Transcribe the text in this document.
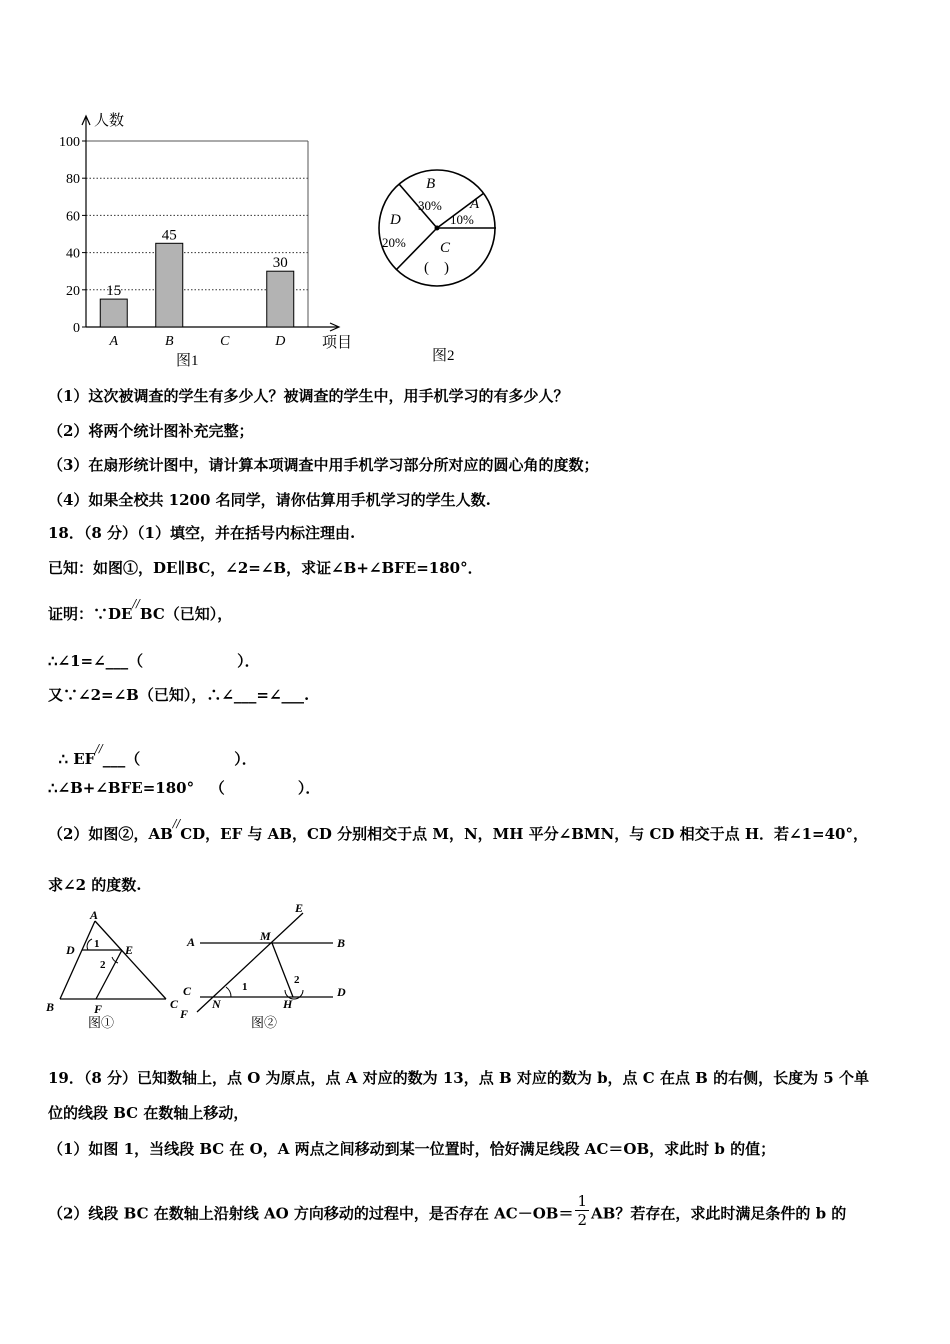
0
20
40
60
80
100
15
45
30
A	B	C	D
人数
项目
图1
B
30% A
10%
D
20% C
(    )
图2
（1）这次被调查的学生有多少人？被调查的学生中，用手机学习的有多少人？
（2）将两个统计图补充完整；
（3）在扇形统计图中，请计算本项调查中用手机学习部分所对应的圆心角的度数；
（4）如果全校共 1200 名同学，请你估算用手机学习的学生人数.
18．（8 分）（1）填空，并在括号内标注理由.
已知：如图①，DE∥BC，∠2=∠B，求证∠B+∠BFE=180°．
证明：∵DE//BC（已知），
∴∠1=∠___（                  ）．
又∵∠2=∠B（已知），∴∠___=∠___.

∴ EF//___（                  ）．

∴∠B+∠BFE=180°   （              ）．
（2）如图②，AB//CD，EF 与 AB，CD 分别相交于点 M，N，MH 平分∠BMN，与 CD 相交于点 H．若∠1=40°，
求∠2 的度数.
A
D	E
B	C
F
1
2
图①
E
A	M	B
C
N	H
D
F
1
2
图②
19．（8 分）已知数轴上，点 O 为原点，点 A 对应的数为 13，点 B 对应的数为 b，点 C 在点 B 的右侧，长度为 5 个单
位的线段 BC 在数轴上移动，
（1）如图 1，当线段 BC 在 O，A 两点之间移动到某一位置时，恰好满足线段 AC＝OB，求此时 b 的值；
（2）线段 BC 在数轴上沿射线 AO 方向移动的过程中，是否存在 $AC-OB= \frac{1}{2}$ AB？若存在，求此时满足条件的 b 的
